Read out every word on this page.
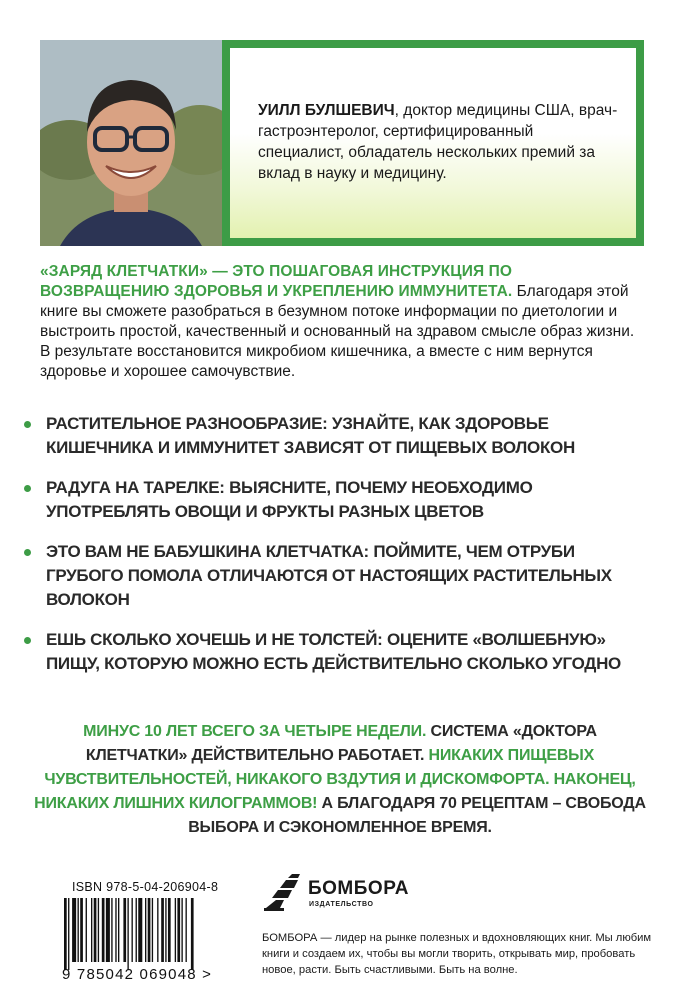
УИЛЛ БУЛШЕВИЧ, доктор медицины США, врач-гастроэнтеролог, сертифицированный специалист, обладатель нескольких премий за вклад в науку и медицину.
«ЗАРЯД КЛЕТЧАТКИ» — ЭТО ПОШАГОВАЯ ИНСТРУКЦИЯ ПО ВОЗВРАЩЕНИЮ ЗДОРОВЬЯ И УКРЕПЛЕНИЮ ИММУНИТЕТА. Благодаря этой книге вы сможете разобраться в безумном потоке информации по диетологии и выстроить простой, качественный и основанный на здравом смысле образ жизни. В результате восстановится микробиом кишечника, а вместе с ним вернутся здоровье и хорошее самочувствие.
РАСТИТЕЛЬНОЕ РАЗНООБРАЗИЕ: УЗНАЙТЕ, КАК ЗДОРОВЬЕ КИШЕЧНИКА И ИММУНИТЕТ ЗАВИСЯТ ОТ ПИЩЕВЫХ ВОЛОКОН
РАДУГА НА ТАРЕЛКЕ: ВЫЯСНИТЕ, ПОЧЕМУ НЕОБХОДИМО УПОТРЕБЛЯТЬ ОВОЩИ И ФРУКТЫ РАЗНЫХ ЦВЕТОВ
ЭТО ВАМ НЕ БАБУШКИНА КЛЕТЧАТКА: ПОЙМИТЕ, ЧЕМ ОТРУБИ ГРУБОГО ПОМОЛА ОТЛИЧАЮТСЯ ОТ НАСТОЯЩИХ РАСТИТЕЛЬНЫХ ВОЛОКОН
ЕШЬ СКОЛЬКО ХОЧЕШЬ И НЕ ТОЛСТЕЙ: ОЦЕНИТЕ «ВОЛШЕБНУЮ» ПИЩУ, КОТОРУЮ МОЖНО ЕСТЬ ДЕЙСТВИТЕЛЬНО СКОЛЬКО УГОДНО
МИНУС 10 ЛЕТ ВСЕГО ЗА ЧЕТЫРЕ НЕДЕЛИ. СИСТЕМА «ДОКТОРА КЛЕТЧАТКИ» ДЕЙСТВИТЕЛЬНО РАБОТАЕТ. НИКАКИХ ПИЩЕВЫХ ЧУВСТВИТЕЛЬНОСТЕЙ, НИКАКОГО ВЗДУТИЯ И ДИСКОМФОРТА. НАКОНЕЦ, НИКАКИХ ЛИШНИХ КИЛОГРАММОВ! А БЛАГОДАРЯ 70 РЕЦЕПТАМ – СВОБОДА ВЫБОРА И СЭКОНОМЛЕННОЕ ВРЕМЯ.
ISBN 978-5-04-206904-8
9 785042 069048 >
БОМБОРА
ИЗДАТЕЛЬСТВО
БОМБОРА — лидер на рынке полезных и вдохновляющих книг. Мы любим книги и создаем их, чтобы вы могли творить, открывать мир, пробовать новое, расти. Быть счастливыми. Быть на волне.
